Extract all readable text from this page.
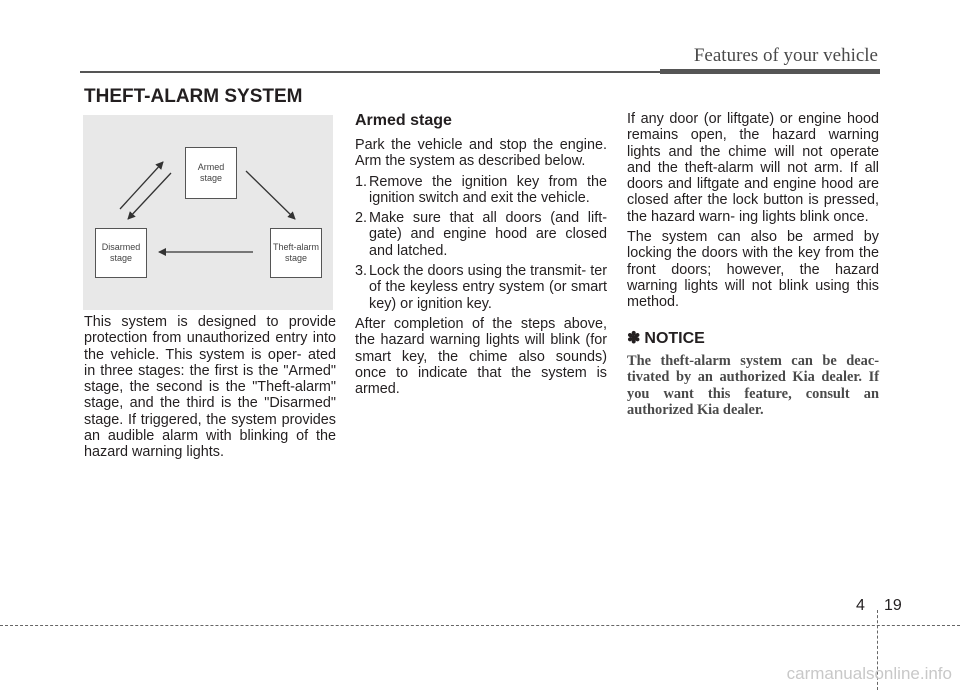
Features of your vehicle
THEFT-ALARM SYSTEM
Armed stage
Disarmed stage
Theft-alarm stage

This system is designed to provide protection from unauthorized entry into the vehicle. This system is oper- ated in three stages: the first is the "Armed" stage, the second is the "Theft-alarm" stage, and the third is the "Disarmed" stage. If triggered, the system provides an audible alarm with blinking of the hazard warning lights.

Armed stage

Park the vehicle and stop the engine. Arm the system as described below.

1. Remove the ignition key from the ignition switch and exit the vehicle.
2. Make sure that all doors (and lift- gate) and engine hood are closed and latched.
3. Lock the doors using the transmit- ter of the keyless entry system (or smart key) or ignition key.

After completion of the steps above, the hazard warning lights will blink (for smart key, the chime also sounds) once to indicate that the system is armed.

If any door (or liftgate) or engine hood remains open, the hazard warning lights and the chime will not operate and the theft-alarm will not arm. If all doors and liftgate and engine hood are closed after the lock button is pressed, the hazard warn- ing lights blink once.

The system can also be armed by locking the doors with the key from the front doors; however, the hazard warning lights will not blink using this method.

✽ NOTICE
The theft-alarm system can be deac- tivated by an authorized Kia dealer. If you want this feature, consult an authorized Kia dealer.
4 19
carmanualsonline.info
